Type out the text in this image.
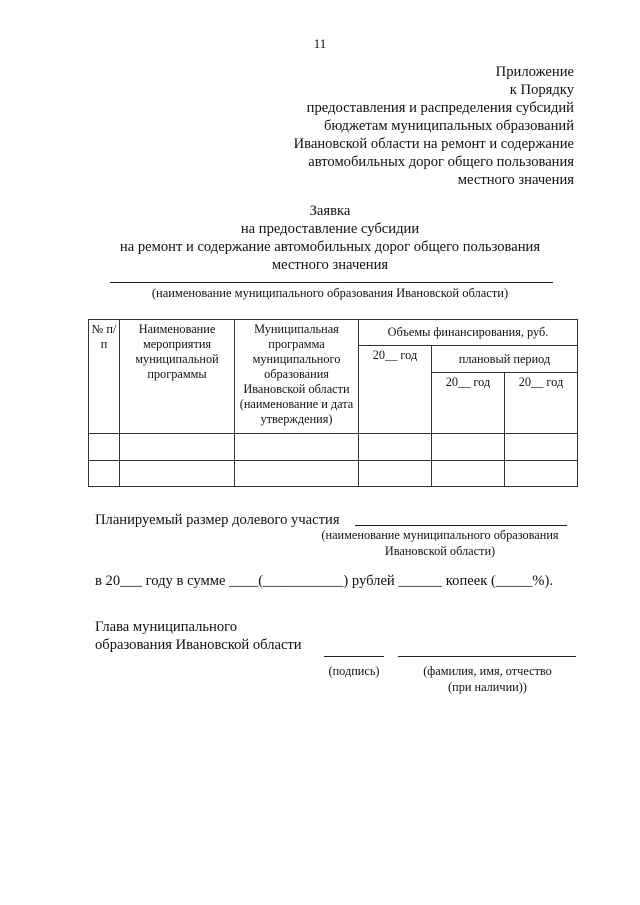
11
Приложение
к Порядку
предоставления и распределения субсидий
бюджетам муниципальных образований
Ивановской области на ремонт и содержание
автомобильных дорог общего пользования
местного значения
Заявка
на предоставление субсидии
на ремонт и содержание автомобильных дорог общего пользования
местного значения
(наименование муниципального образования Ивановской области)
№ п/п	Наименование мероприятия муниципальной программы	Муниципальная программа муниципального образования Ивановской области (наименование и дата утверждения)	Объемы финансирования, руб.		
			20__ год	плановый период	
				20__ год	20__ год

Планируемый размер долевого участия
(наименование муниципального образования
Ивановской области)
в 20___ году в сумме ____(___________) рублей ______ копеек (_____%).
Глава муниципального
образования Ивановской области
(подпись)	(фамилия, имя, отчество
(при наличии))
